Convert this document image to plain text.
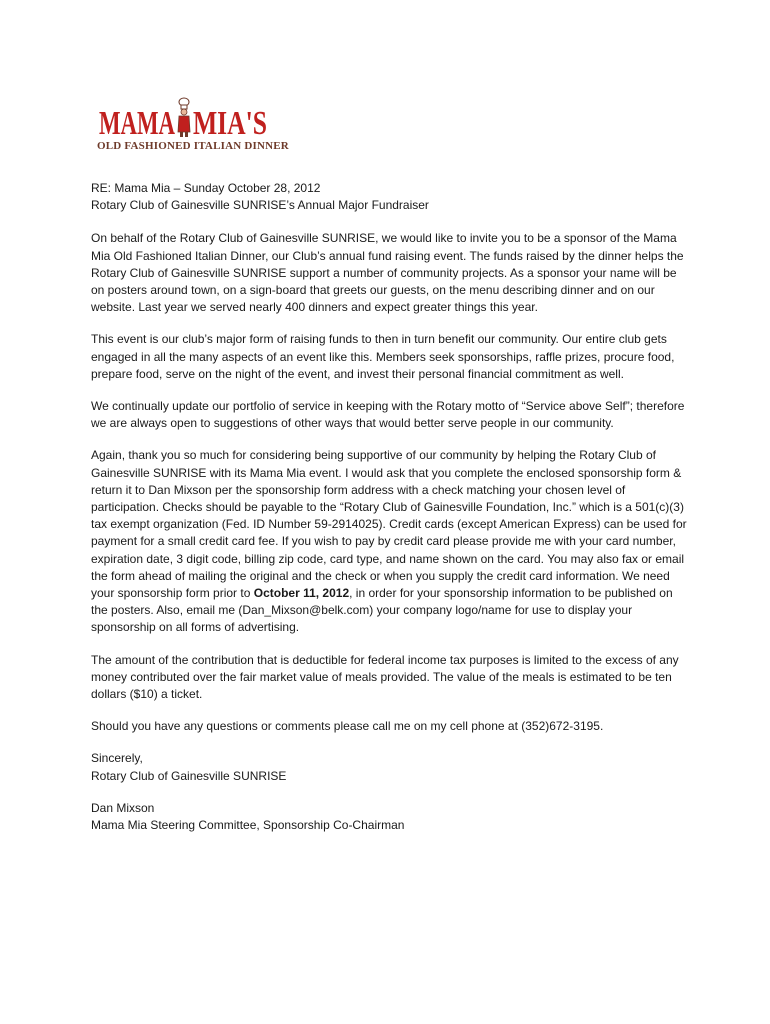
MAMA MIA'S
OLD FASHIONED ITALIAN DINNER

RE: Mama Mia – Sunday October 28, 2012
Rotary Club of Gainesville SUNRISE’s Annual Major Fundraiser

On behalf of the Rotary Club of Gainesville SUNRISE, we would like to invite you to be a sponsor of the Mama Mia Old Fashioned Italian Dinner, our Club’s annual fund raising event. The funds raised by the dinner helps the Rotary Club of Gainesville SUNRISE support a number of community projects. As a sponsor your name will be on posters around town, on a sign-board that greets our guests, on the menu describing dinner and on our website. Last year we served nearly 400 dinners and expect greater things this year.

This event is our club’s major form of raising funds to then in turn benefit our community. Our entire club gets engaged in all the many aspects of an event like this. Members seek sponsorships, raffle prizes, procure food, prepare food, serve on the night of the event, and invest their personal financial commitment as well.

We continually update our portfolio of service in keeping with the Rotary motto of “Service above Self”; therefore we are always open to suggestions of other ways that would better serve people in our community.

Again, thank you so much for considering being supportive of our community by helping the Rotary Club of Gainesville SUNRISE with its Mama Mia event. I would ask that you complete the enclosed sponsorship form & return it to Dan Mixson per the sponsorship form address with a check matching your chosen level of participation. Checks should be payable to the “Rotary Club of Gainesville Foundation, Inc.” which is a 501(c)(3) tax exempt organization (Fed. ID Number 59-2914025). Credit cards (except American Express) can be used for payment for a small credit card fee. If you wish to pay by credit card please provide me with your card number, expiration date, 3 digit code, billing zip code, card type, and name shown on the card. You may also fax or email the form ahead of mailing the original and the check or when you supply the credit card information. We need your sponsorship form prior to October 11, 2012, in order for your sponsorship information to be published on the posters. Also, email me (Dan_Mixson@belk.com) your company logo/name for use to display your sponsorship on all forms of advertising.

The amount of the contribution that is deductible for federal income tax purposes is limited to the excess of any money contributed over the fair market value of meals provided. The value of the meals is estimated to be ten dollars ($10) a ticket.

Should you have any questions or comments please call me on my cell phone at (352)672-3195.

Sincerely,
Rotary Club of Gainesville SUNRISE

Dan Mixson
Mama Mia Steering Committee, Sponsorship Co-Chairman
